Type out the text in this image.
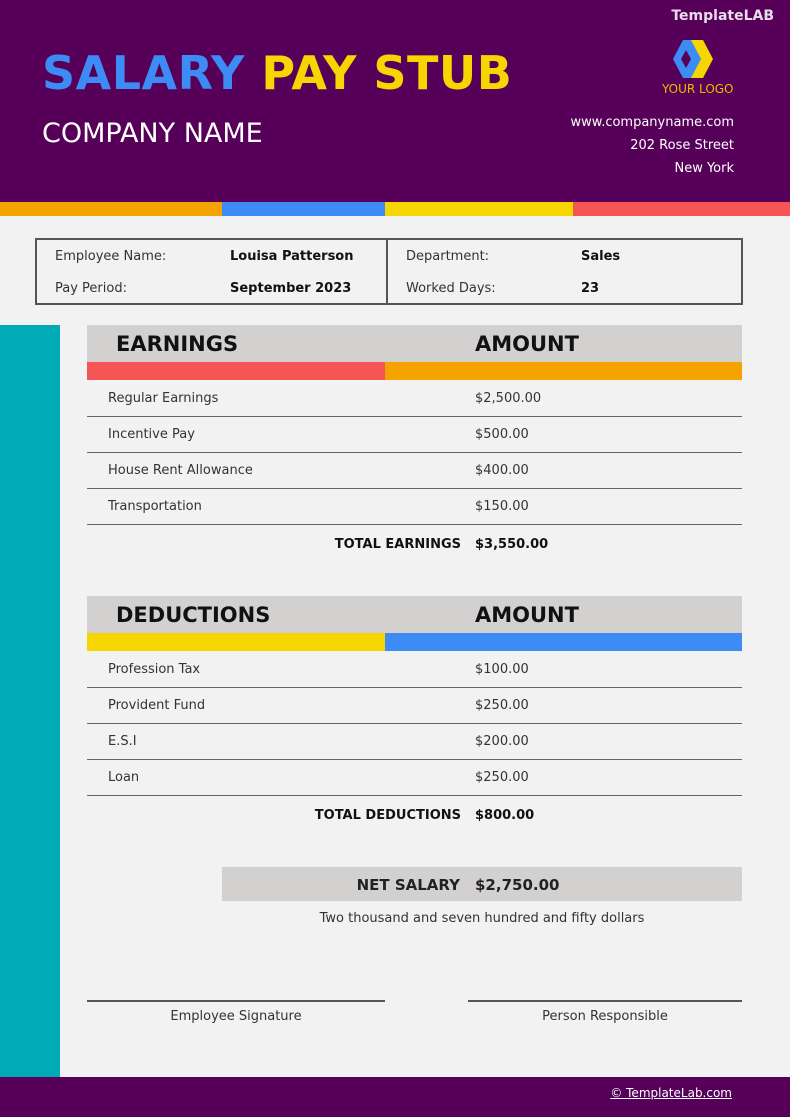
SALARY PAY STUB
COMPANY NAME
TemplateLAB
YOUR LOGO
www.companyname.com
202 Rose Street
New York
Employee Name:	Louisa Patterson
Pay Period:	September 2023
Department:	Sales
Worked Days:	23
EARNINGS	AMOUNT
Regular Earnings	$2,500.00
Incentive Pay	$500.00
House Rent Allowance	$400.00
Transportation	$150.00
TOTAL EARNINGS $3,550.00
DEDUCTIONS	AMOUNT
Profession Tax	$100.00
Provident Fund	$250.00
E.S.I	$200.00
Loan	$250.00
TOTAL DEDUCTIONS $800.00
NET SALARY $2,750.00
Two thousand and seven hundred and fifty dollars
Employee Signature	Person Responsible
© TemplateLab.com
